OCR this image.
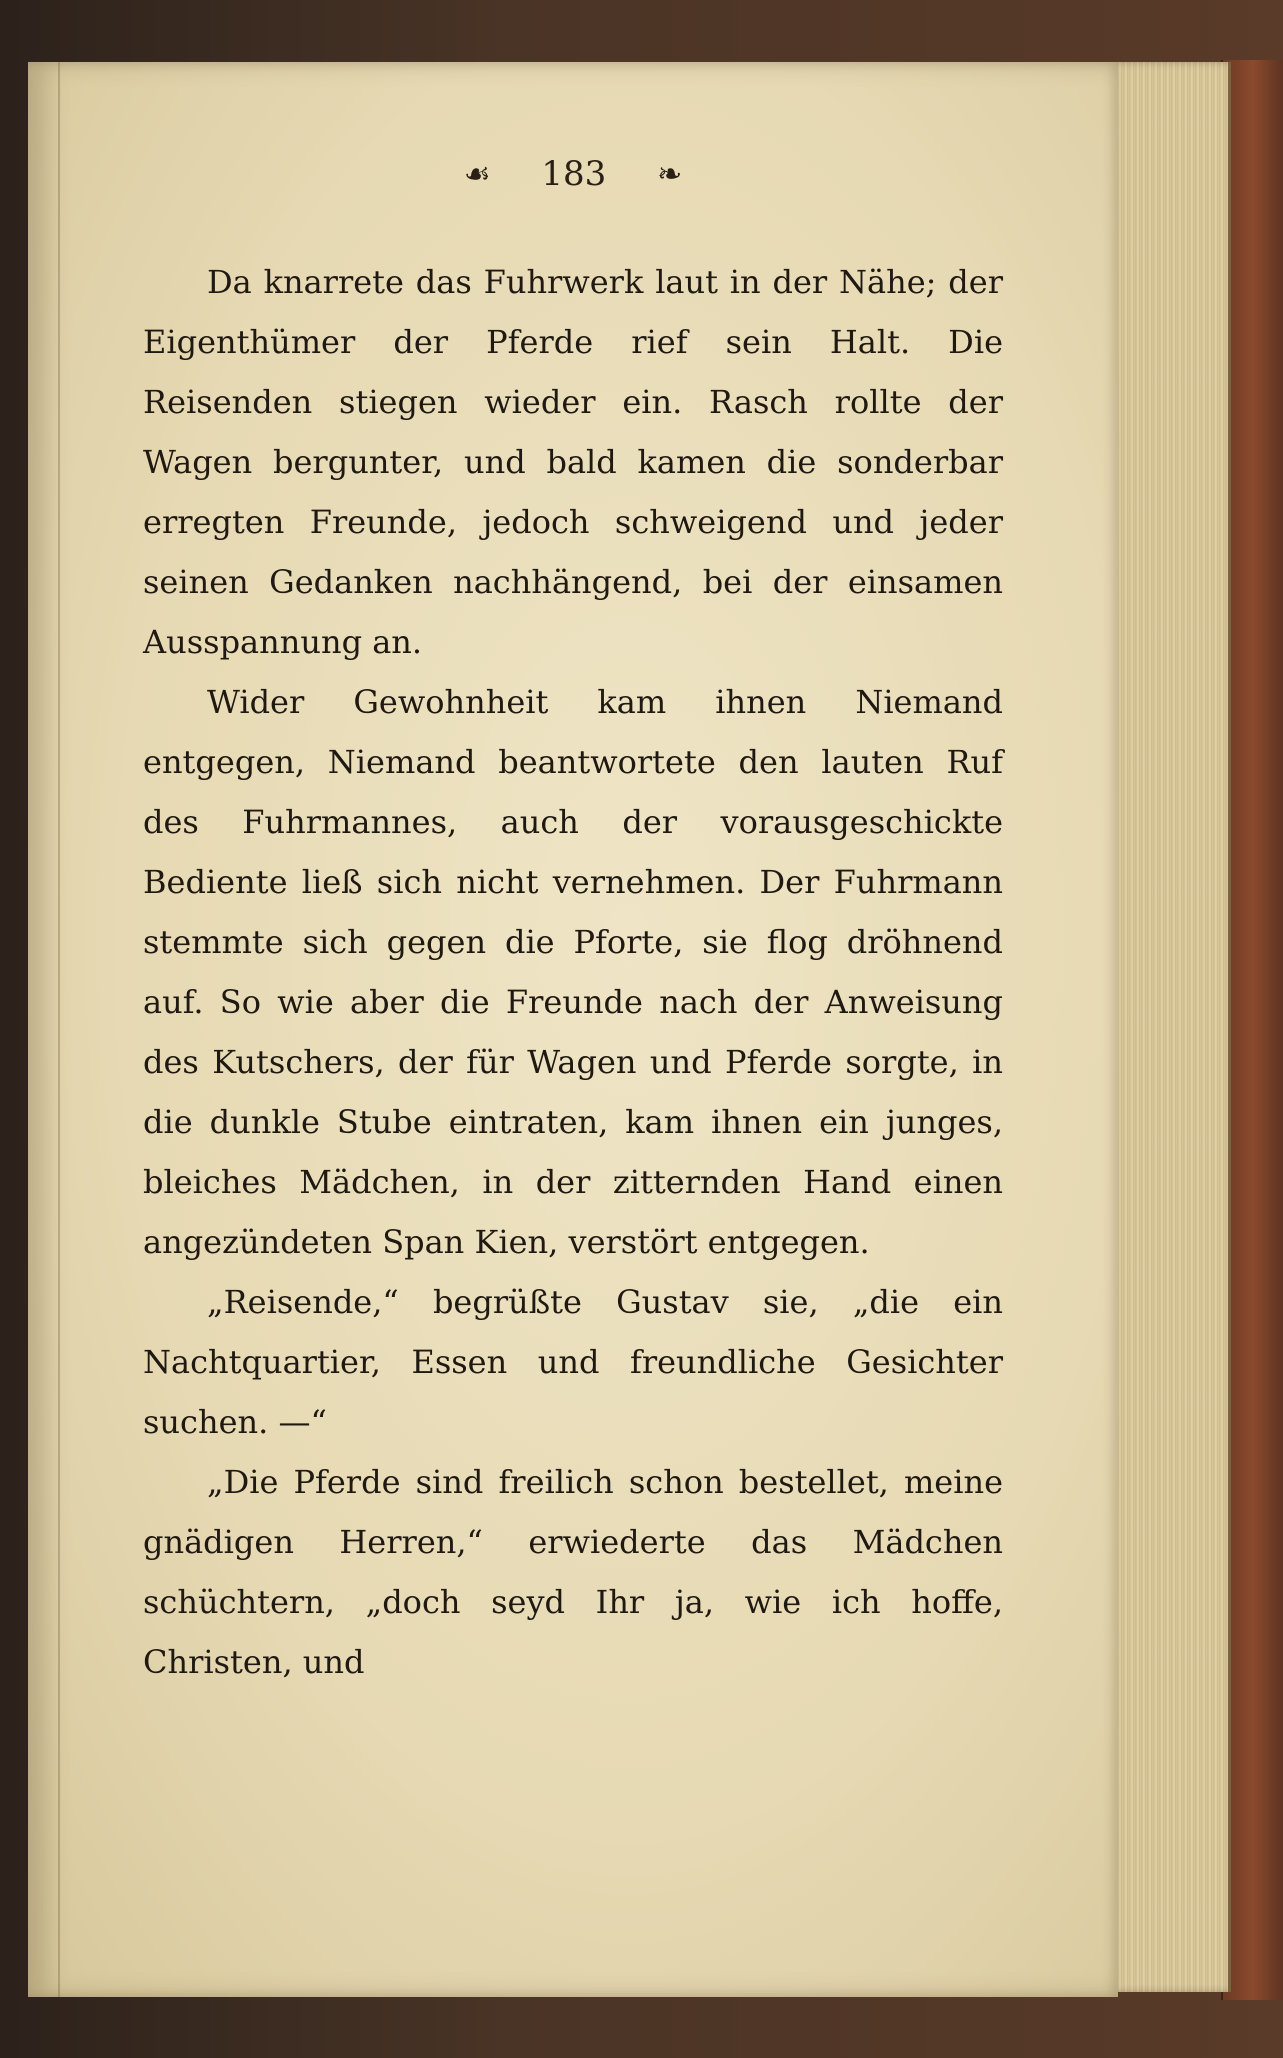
☙ 183 ❧

Da knarrete das Fuhrwerk laut in der Nähe; der Eigenthümer der Pferde rief sein Halt. Die Reisenden stiegen wieder ein. Rasch rollte der Wagen bergunter, und bald kamen die sonderbar erregten Freunde, jedoch schweigend und jeder seinen Gedanken nachhängend, bei der einsamen Ausspannung an.

Wider Gewohnheit kam ihnen Niemand entgegen, Niemand beantwortete den lauten Ruf des Fuhrmannes, auch der vorausgeschickte Bediente ließ sich nicht vernehmen. Der Fuhrmann stemmte sich gegen die Pforte, sie flog dröhnend auf. So wie aber die Freunde nach der Anweisung des Kutschers, der für Wagen und Pferde sorgte, in die dunkle Stube eintraten, kam ihnen ein junges, bleiches Mädchen, in der zitternden Hand einen angezündeten Span Kien, verstört entgegen.

„Reisende,“ begrüßte Gustav sie, „die ein Nachtquartier, Essen und freundliche Gesichter suchen. —“

„Die Pferde sind freilich schon bestellet, meine gnädigen Herren,“ erwiederte das Mädchen schüchtern, „doch seyd Ihr ja, wie ich hoffe, Christen, und
